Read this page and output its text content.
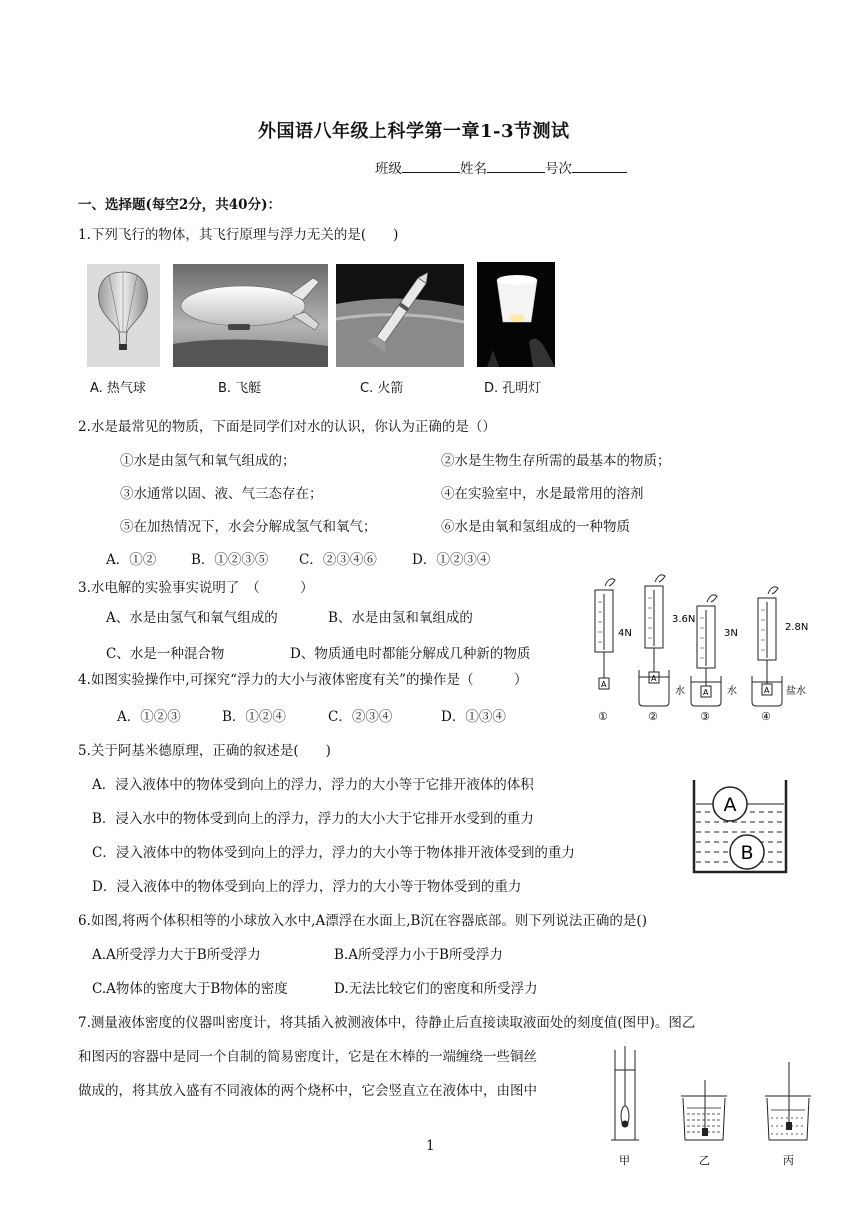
外国语八年级上科学第一章1-3节测试
班级	姓名	号次
一、选择题(每空2分，共40分)：
1.下列飞行的物体，其飞行原理与浮力无关的是(　　)
A. 热气球	B. 飞艇	C. 火箭	D. 孔明灯
2.水是最常见的物质，下面是同学们对水的认识，你认为正确的是（）
①水是由氢气和氧气组成的；	②水是生物生存所需的最基本的物质；
③水通常以固、液、气三态存在；	④在实验室中，水是最常用的溶剂
⑤在加热情况下，水会分解成氢气和氧气；	⑥水是由氧和氢组成的一种物质
A．①②	B．①②③⑤ C．②③④⑥	D．①②③④
3.水电解的实验事实说明了　（　　　）
A、水是由氢气和氧气组成的	B、水是由氢和氧组成的
C、水是一种混合物	D、物质通电时都能分解成几种新的物质
4.如图实验操作中,可探究“浮力的大小与液体密度有关”的操作是（　　　）
A．①②③	B．①②④	C．②③④	D．①③④
4N
3.6N
3N
2.8N
A
A
A	A
水	水	盐水
①	②	③	④
5.关于阿基米德原理，正确的叙述是(　　)
A．浸入液体中的物体受到向上的浮力，浮力的大小等于它排开液体的体积
B．浸入水中的物体受到向上的浮力，浮力的大小大于它排开水受到的重力
C．浸入液体中的物体受到向上的浮力，浮力的大小等于物体排开液体受到的重力
D．浸入液体中的物体受到向上的浮力，浮力的大小等于物体受到的重力
A
B
6.如图,将两个体积相等的小球放入水中,A漂浮在水面上,B沉在容器底部。则下列说法正确的是()
A.A所受浮力大于B所受浮力	B.A所受浮力小于B所受浮力
C.A物体的密度大于B物体的密度	D.无法比较它们的密度和所受浮力
7.测量液体密度的仪器叫密度计，将其插入被测液体中，待静止后直接读取液面处的刻度值(图甲)。图乙
和图丙的容器中是同一个自制的简易密度计，它是在木棒的一端缠绕一些铜丝
做成的，将其放入盛有不同液体的两个烧杯中，它会竖直立在液体中，由图中
甲	乙	丙
1
